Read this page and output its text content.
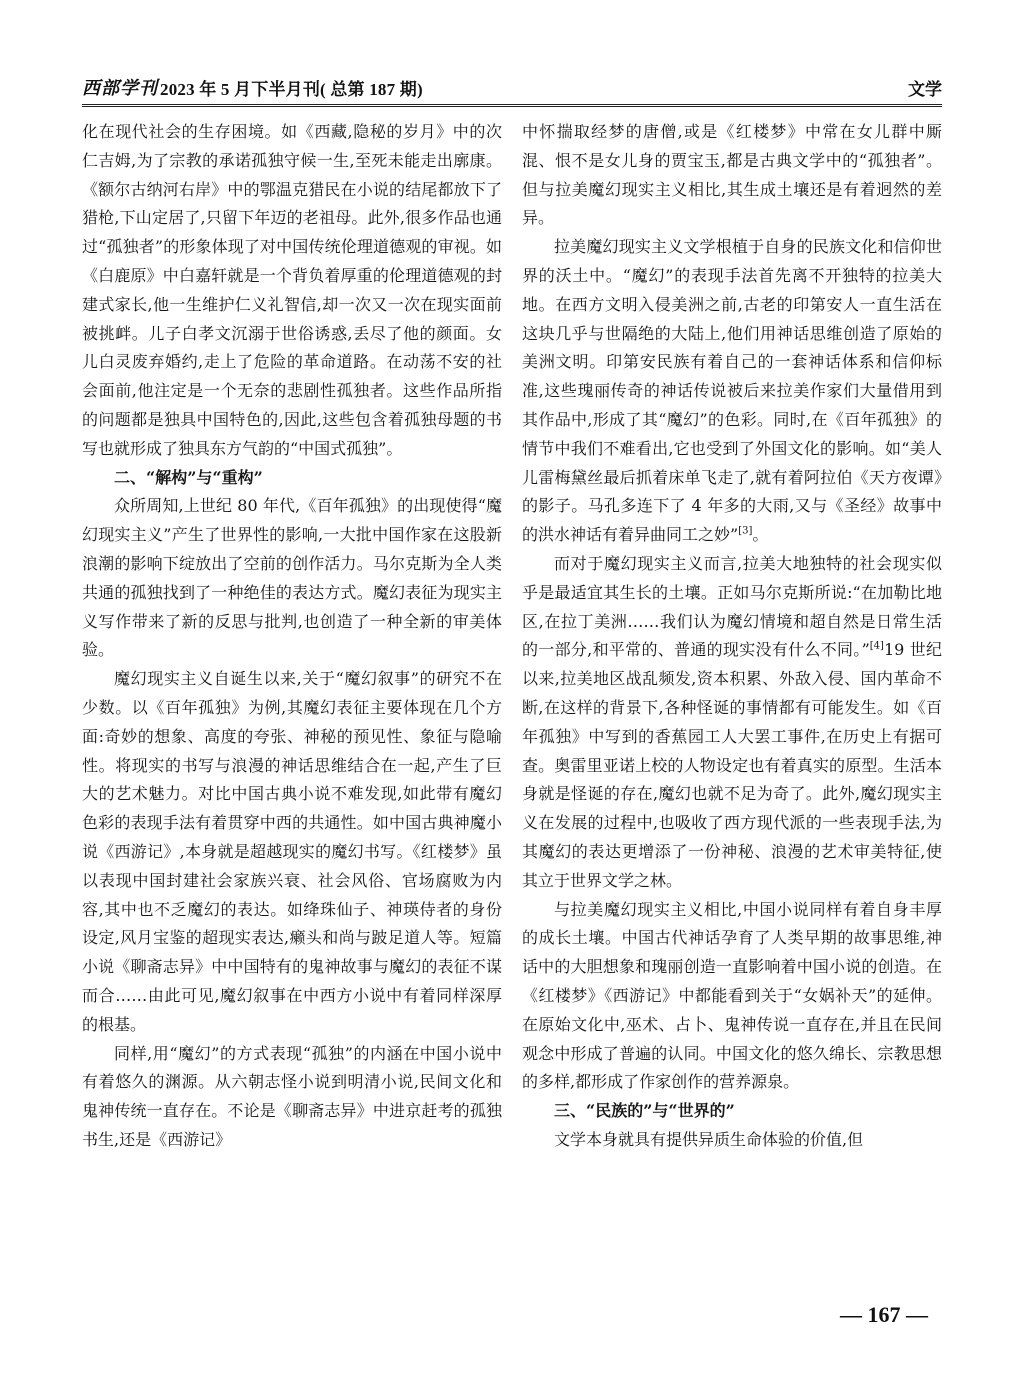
西部学刊 2023 年 5 月下半月刊( 总第 187 期)	文学

化在现代社会的生存困境。如《西藏,隐秘的岁月》中的次仁吉姆,为了宗教的承诺孤独守候一生,至死未能走出廓康。《额尔古纳河右岸》中的鄂温克猎民在小说的结尾都放下了猎枪,下山定居了,只留下年迈的老祖母。此外,很多作品也通过“孤独者”的形象体现了对中国传统伦理道德观的审视。如《白鹿原》中白嘉轩就是一个背负着厚重的伦理道德观的封建式家长,他一生维护仁义礼智信,却一次又一次在现实面前被挑衅。儿子白孝文沉溺于世俗诱惑,丢尽了他的颜面。女儿白灵废弃婚约,走上了危险的革命道路。在动荡不安的社会面前,他注定是一个无奈的悲剧性孤独者。这些作品所指的问题都是独具中国特色的,因此,这些包含着孤独母题的书写也就形成了独具东方气韵的“中国式孤独”。

二、“解构”与“重构”

众所周知,上世纪 80 年代,《百年孤独》的出现使得“魔幻现实主义”产生了世界性的影响,一大批中国作家在这股新浪潮的影响下绽放出了空前的创作活力。马尔克斯为全人类共通的孤独找到了一种绝佳的表达方式。魔幻表征为现实主义写作带来了新的反思与批判,也创造了一种全新的审美体验。

魔幻现实主义自诞生以来,关于“魔幻叙事”的研究不在少数。以《百年孤独》为例,其魔幻表征主要体现在几个方面:奇妙的想象、高度的夸张、神秘的预见性、象征与隐喻性。将现实的书写与浪漫的神话思维结合在一起,产生了巨大的艺术魅力。对比中国古典小说不难发现,如此带有魔幻色彩的表现手法有着贯穿中西的共通性。如中国古典神魔小说《西游记》,本身就是超越现实的魔幻书写。《红楼梦》虽以表现中国封建社会家族兴衰、社会风俗、官场腐败为内容,其中也不乏魔幻的表达。如绛珠仙子、神瑛侍者的身份设定,风月宝鉴的超现实表达,癞头和尚与跛足道人等。短篇小说《聊斋志异》中中国特有的鬼神故事与魔幻的表征不谋而合……由此可见,魔幻叙事在中西方小说中有着同样深厚的根基。

同样,用“魔幻”的方式表现“孤独”的内涵在中国小说中有着悠久的渊源。从六朝志怪小说到明清小说,民间文化和鬼神传统一直存在。不论是《聊斋志异》中进京赶考的孤独书生,还是《西游记》

中怀揣取经梦的唐僧,或是《红楼梦》中常在女儿群中厮混、恨不是女儿身的贾宝玉,都是古典文学中的“孤独者”。但与拉美魔幻现实主义相比,其生成土壤还是有着迥然的差异。

拉美魔幻现实主义文学根植于自身的民族文化和信仰世界的沃土中。“魔幻”的表现手法首先离不开独特的拉美大地。在西方文明入侵美洲之前,古老的印第安人一直生活在这块几乎与世隔绝的大陆上,他们用神话思维创造了原始的美洲文明。印第安民族有着自己的一套神话体系和信仰标准,这些瑰丽传奇的神话传说被后来拉美作家们大量借用到其作品中,形成了其“魔幻”的色彩。同时,在《百年孤独》的情节中我们不难看出,它也受到了外国文化的影响。如“美人儿雷梅黛丝最后抓着床单飞走了,就有着阿拉伯《天方夜谭》的影子。马孔多连下了 4 年多的大雨,又与《圣经》故事中的洪水神话有着异曲同工之妙”[3]。

而对于魔幻现实主义而言,拉美大地独特的社会现实似乎是最适宜其生长的土壤。正如马尔克斯所说:“在加勒比地区,在拉丁美洲……我们认为魔幻情境和超自然是日常生活的一部分,和平常的、普通的现实没有什么不同。”[4]19 世纪以来,拉美地区战乱频发,资本积累、外敌入侵、国内革命不断,在这样的背景下,各种怪诞的事情都有可能发生。如《百年孤独》中写到的香蕉园工人大罢工事件,在历史上有据可查。奥雷里亚诺上校的人物设定也有着真实的原型。生活本身就是怪诞的存在,魔幻也就不足为奇了。此外,魔幻现实主义在发展的过程中,也吸收了西方现代派的一些表现手法,为其魔幻的表达更增添了一份神秘、浪漫的艺术审美特征,使其立于世界文学之林。

与拉美魔幻现实主义相比,中国小说同样有着自身丰厚的成长土壤。中国古代神话孕育了人类早期的故事思维,神话中的大胆想象和瑰丽创造一直影响着中国小说的创造。在《红楼梦》《西游记》中都能看到关于“女娲补天”的延伸。在原始文化中,巫术、占卜、鬼神传说一直存在,并且在民间观念中形成了普遍的认同。中国文化的悠久绵长、宗教思想的多样,都形成了作家创作的营养源泉。

三、“民族的”与“世界的”

文学本身就具有提供异质生命体验的价值,但

— 167 —
